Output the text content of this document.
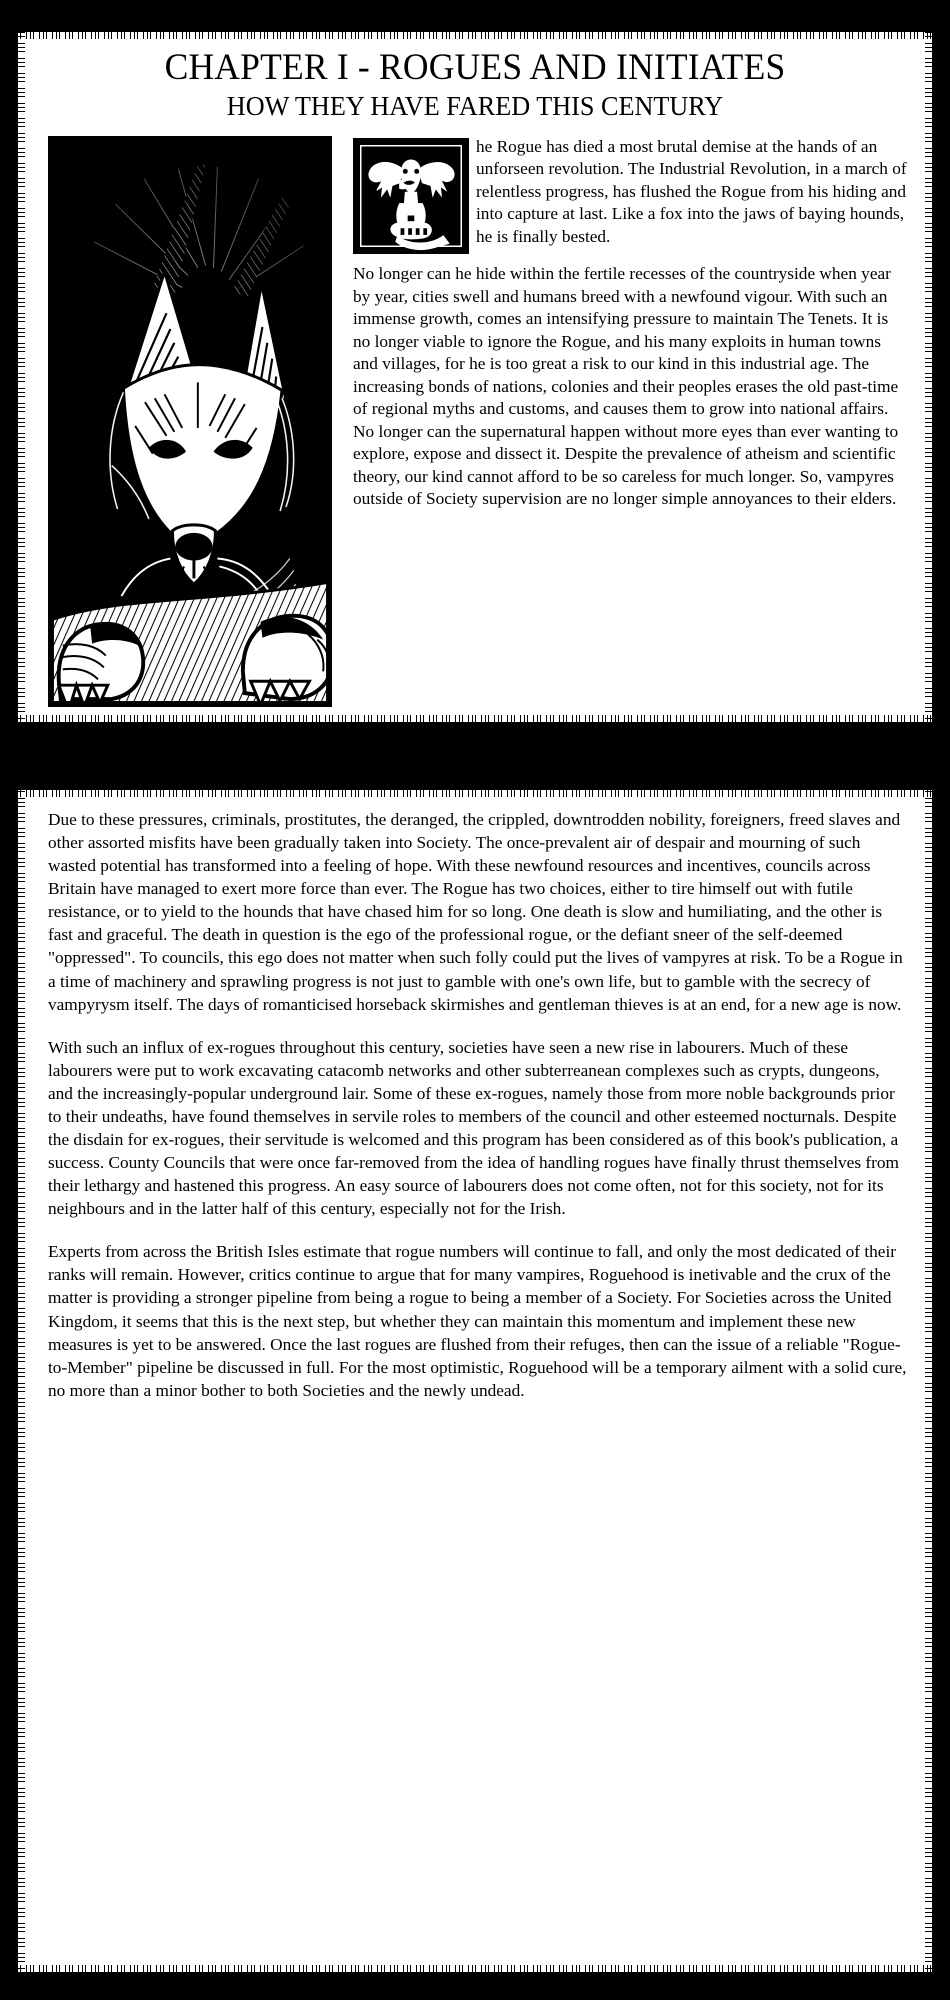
CHAPTER I - ROGUES AND INITIATES
HOW THEY HAVE FARED THIS CENTURY

he Rogue has died a most brutal demise at the hands of an unforseen revolution. The Industrial Revolution, in a march of relentless progress, has flushed the Rogue from his hiding and into capture at last. Like a fox into the jaws of baying hounds, he is finally bested.

No longer can he hide within the fertile recesses of the countryside when year by year, cities swell and humans breed with a newfound vigour. With such an immense growth, comes an intensifying pressure to maintain The Tenets. It is no longer viable to ignore the Rogue, and his many exploits in human towns and villages, for he is too great a risk to our kind in this industrial age. The increasing bonds of nations, colonies and their peoples erases the old past-time of regional myths and customs, and causes them to grow into national affairs. No longer can the supernatural happen without more eyes than ever wanting to explore, expose and dissect it. Despite the prevalence of atheism and scientific theory, our kind cannot afford to be so careless for much longer. So, vampyres outside of Society supervision are no longer simple annoyances to their elders.

Due to these pressures, criminals, prostitutes, the deranged, the crippled, downtrodden nobility, foreigners, freed slaves and other assorted misfits have been gradually taken into Society. The once-prevalent air of despair and mourning of such wasted potential has transformed into a feeling of hope. With these newfound resources and incentives, councils across Britain have managed to exert more force than ever. The Rogue has two choices, either to tire himself out with futile resistance, or to yield to the hounds that have chased him for so long. One death is slow and humiliating, and the other is fast and graceful. The death in question is the ego of the professional rogue, or the defiant sneer of the self-deemed "oppressed". To councils, this ego does not matter when such folly could put the lives of vampyres at risk. To be a Rogue in a time of machinery and sprawling progress is not just to gamble with one's own life, but to gamble with the secrecy of vampyrysm itself. The days of romanticised horseback skirmishes and gentleman thieves is at an end, for a new age is now.

With such an influx of ex-rogues throughout this century, societies have seen a new rise in labourers. Much of these labourers were put to work excavating catacomb networks and other subterreanean complexes such as crypts, dungeons, and the increasingly-popular underground lair. Some of these ex-rogues, namely those from more noble backgrounds prior to their undeaths, have found themselves in servile roles to members of the council and other esteemed nocturnals. Despite the disdain for ex-rogues, their servitude is welcomed and this program has been considered as of this book's publication, a success. County Councils that were once far-removed from the idea of handling rogues have finally thrust themselves from their lethargy and hastened this progress. An easy source of labourers does not come often, not for this society, not for its neighbours and in the latter half of this century, especially not for the Irish.

Experts from across the British Isles estimate that rogue numbers will continue to fall, and only the most dedicated of their ranks will remain. However, critics continue to argue that for many vampires, Roguehood is inetivable and the crux of the matter is providing a stronger pipeline from being a rogue to being a member of a Society. For Societies across the United Kingdom, it seems that this is the next step, but whether they can maintain this momentum and implement these new measures is yet to be answered. Once the last rogues are flushed from their refuges, then can the issue of a reliable "Rogue-to-Member" pipeline be discussed in full. For the most optimistic, Roguehood will be a temporary ailment with a solid cure, no more than a minor bother to both Societies and the newly undead.
